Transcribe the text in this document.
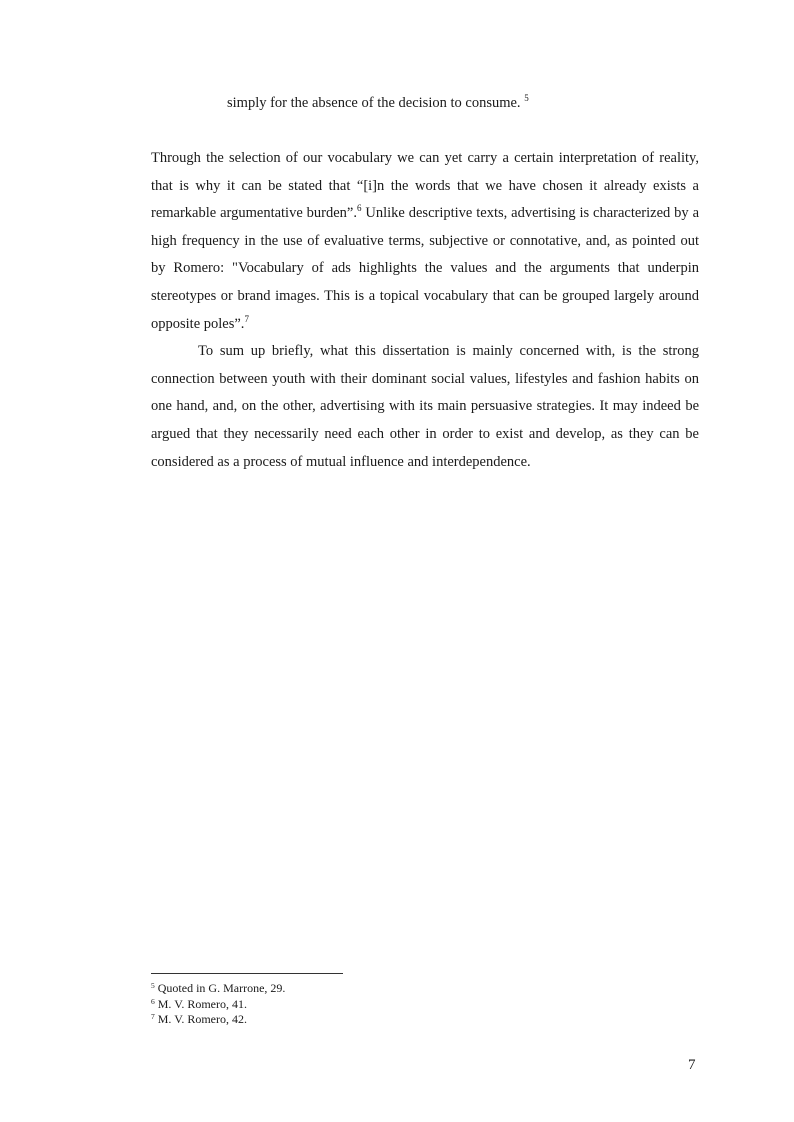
simply for the absence of the decision to consume. $^5$

Through the selection of our vocabulary we can yet carry a certain interpretation of reality, that is why it can be stated that “[i]n the words that we have chosen it already exists a remarkable argumentative burden”.$^6$ Unlike descriptive texts, advertising is characterized by a high frequency in the use of evaluative terms, subjective or connotative, and, as pointed out by Romero: "Vocabulary of ads highlights the values and the arguments that underpin stereotypes or brand images. This is a topical vocabulary that can be grouped largely around opposite poles”.$^7$

To sum up briefly, what this dissertation is mainly concerned with, is the strong connection between youth with their dominant social values, lifestyles and fashion habits on one hand, and, on the other, advertising with its main persuasive strategies. It may indeed be argued that they necessarily need each other in order to exist and develop, as they can be considered as a process of mutual influence and interdependence.

$^5$ Quoted in G. Marrone, 29.
$^6$ M. V. Romero, 41.
$^7$ M. V. Romero, 42.
7
